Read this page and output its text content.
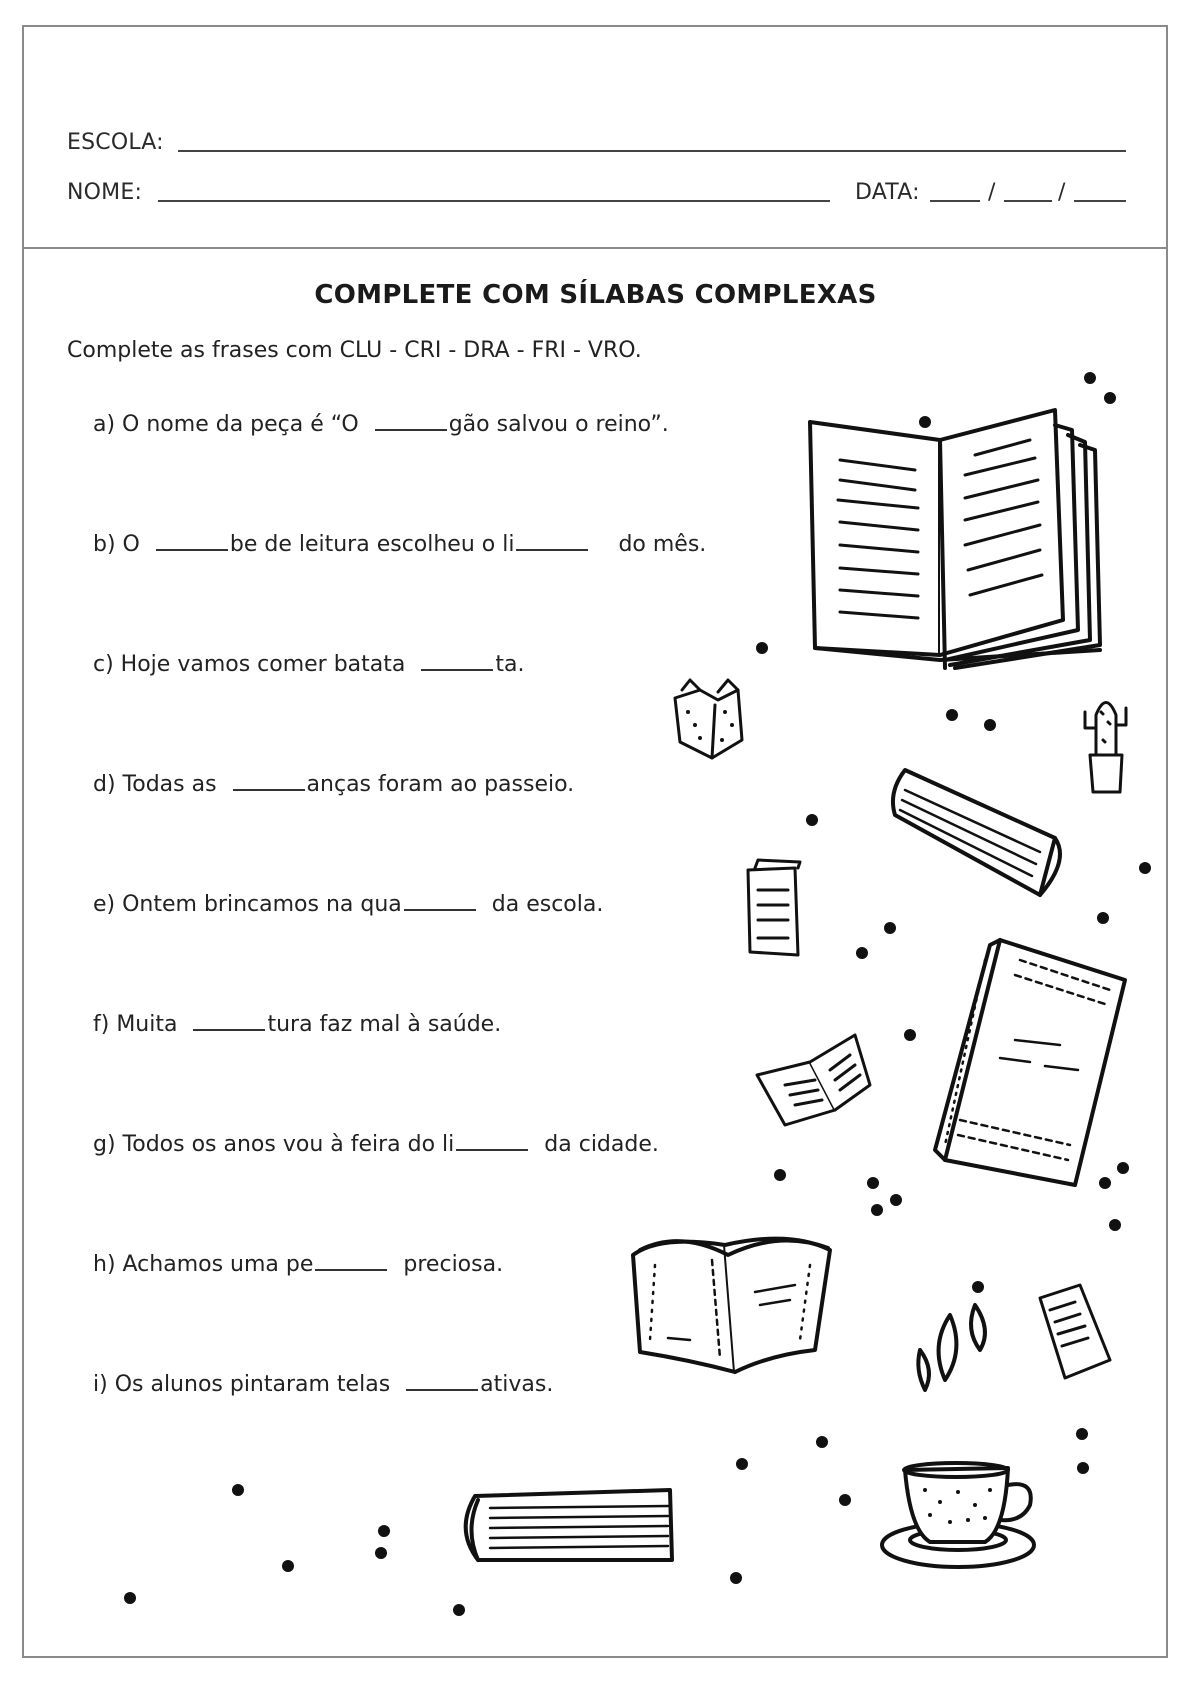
ESCOLA:
NOME:	DATA:	/	/
COMPLETE COM SÍLABAS COMPLEXAS
Complete as frases com CLU - CRI - DRA - FRI - VRO.
a) O nome da peça é “O	gão salvou o reino”.
b) O	be de leitura escolheu o li	do mês.
c) Hoje vamos comer batata	ta.
d) Todas as	anças foram ao passeio.
e) Ontem brincamos na qua	da escola.
f) Muita	tura faz mal à saúde.
g) Todos os anos vou à feira do li	da cidade.
h) Achamos uma pe	preciosa.
i) Os alunos pintaram telas	ativas.
